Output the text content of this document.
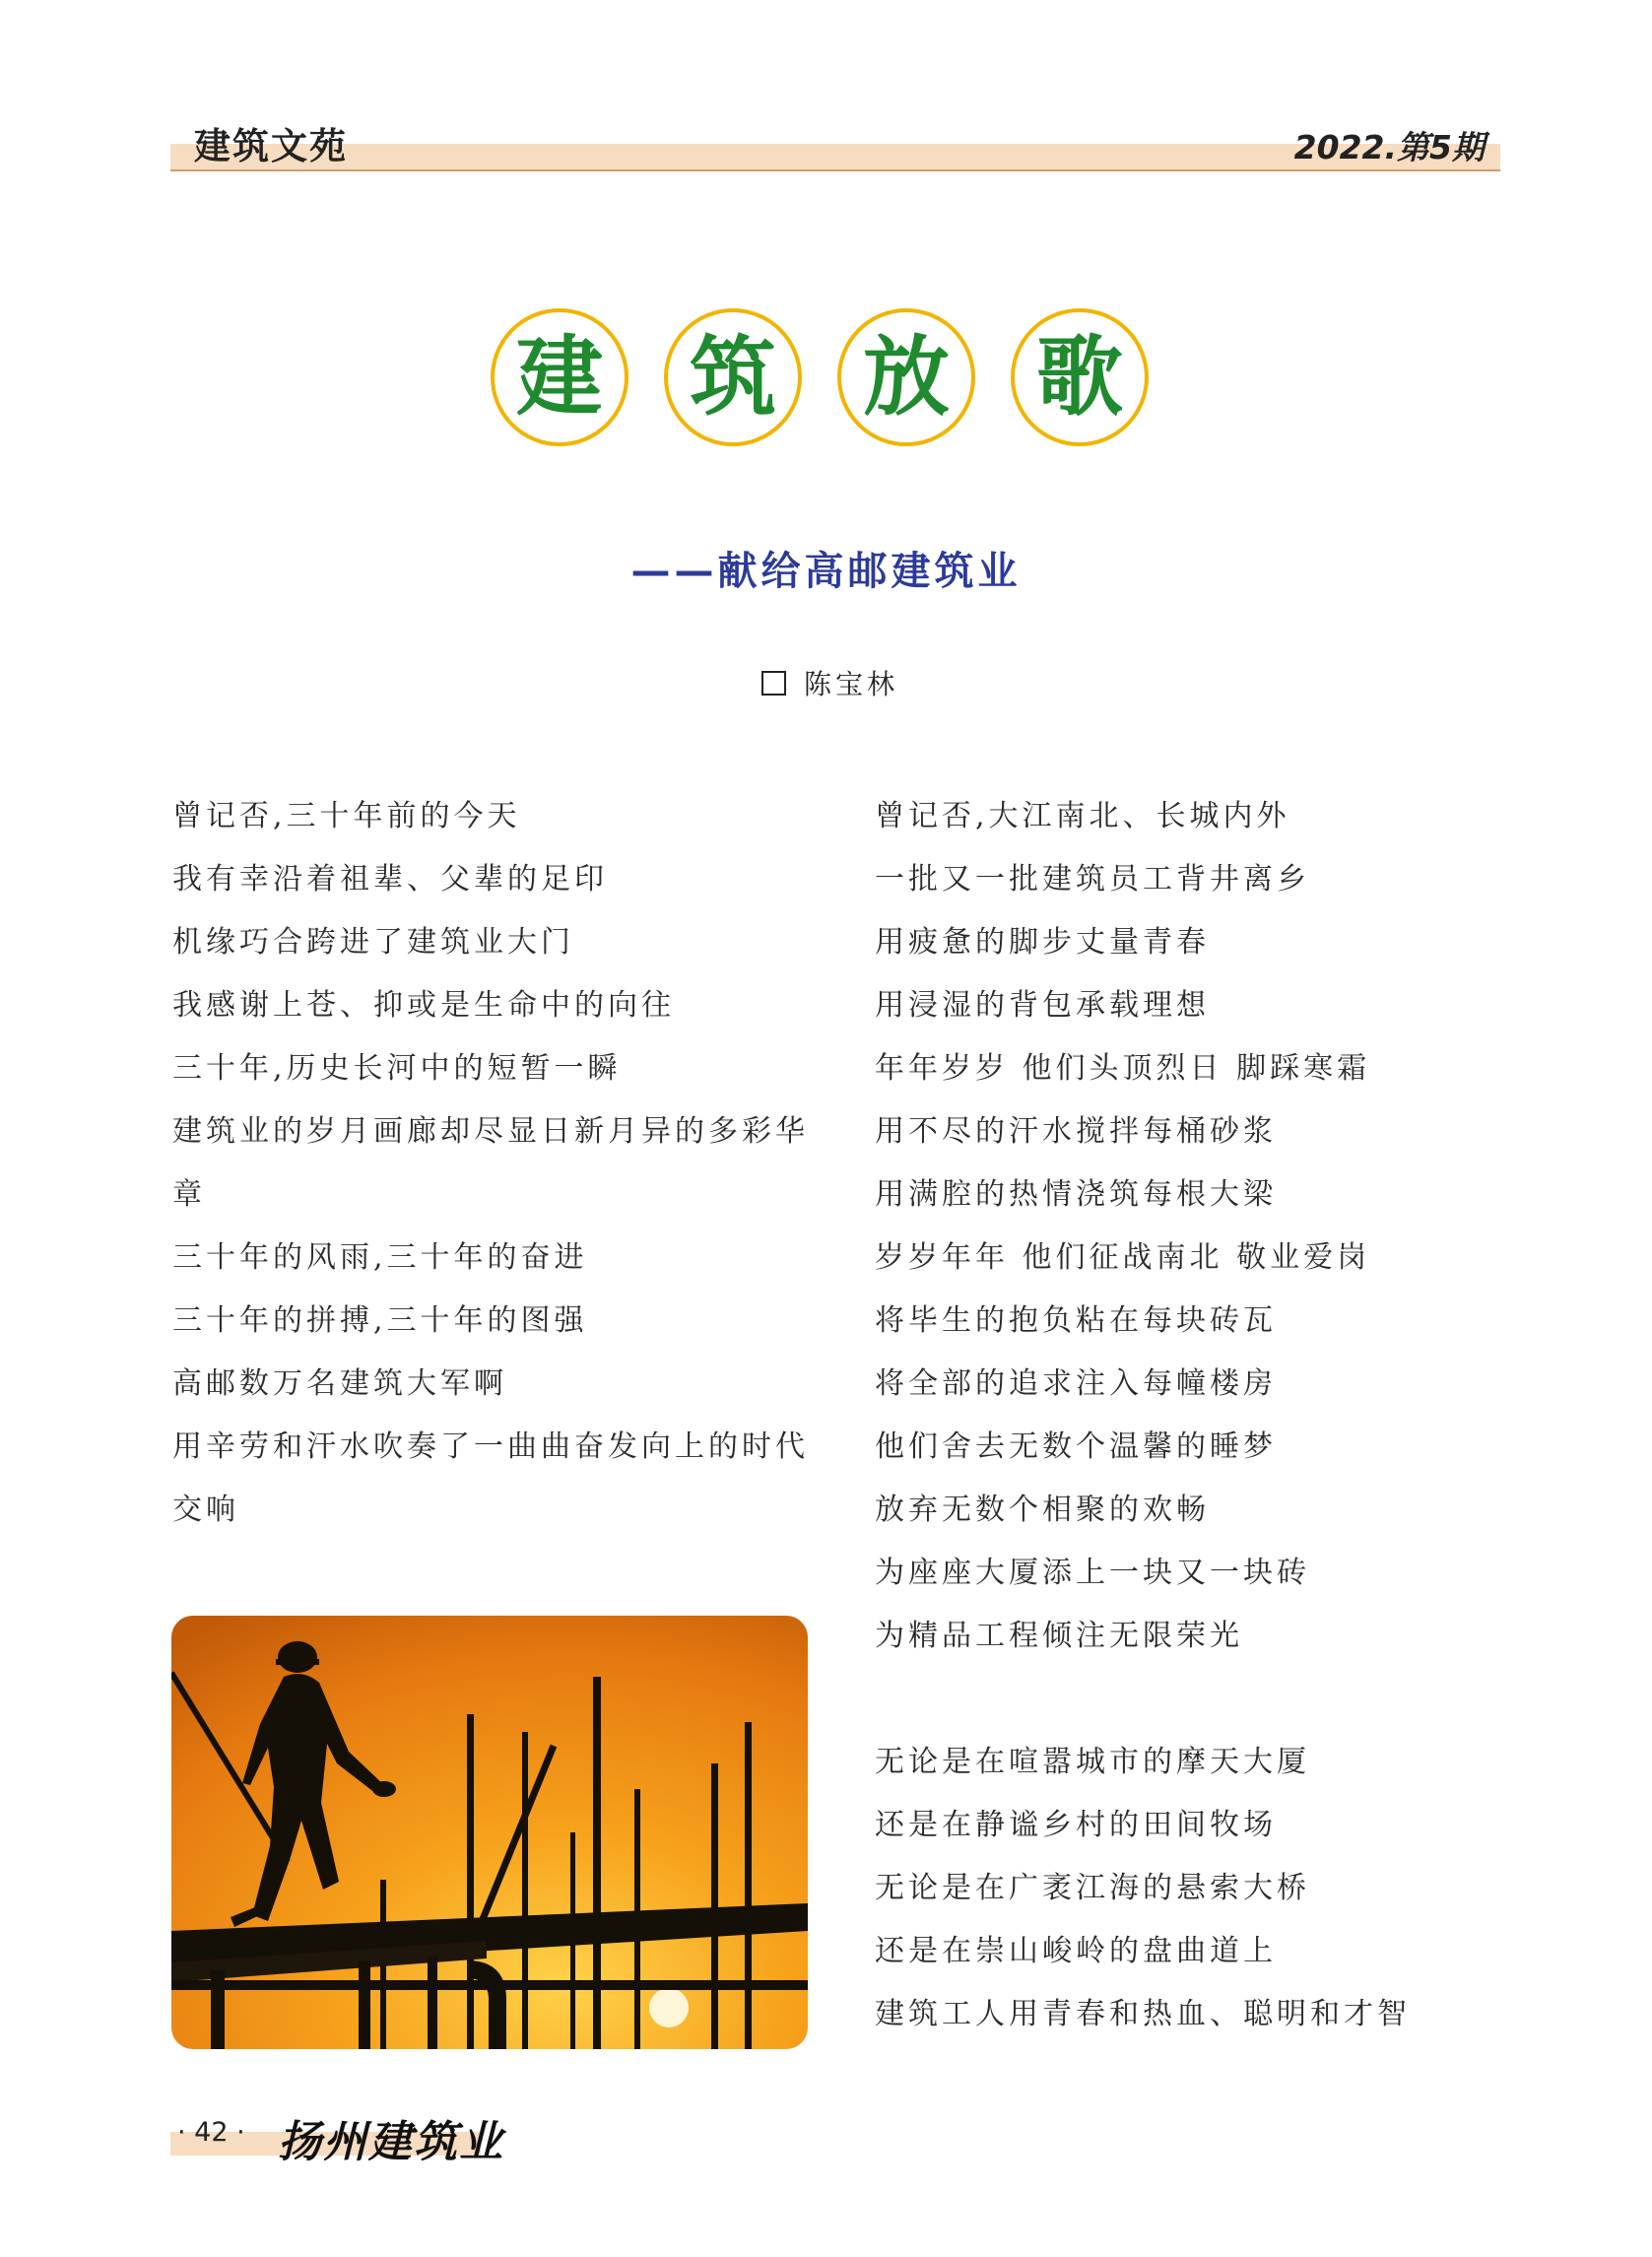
建筑文苑	2022.第5期
建 筑 放 歌
——献给高邮建筑业
陈宝林
曾记否,三十年前的今天
我有幸沿着祖辈、父辈的足印
机缘巧合跨进了建筑业大门
我感谢上苍、抑或是生命中的向往
三十年,历史长河中的短暂一瞬
建筑业的岁月画廊却尽显日新月异的多彩华
章
三十年的风雨,三十年的奋进
三十年的拼搏,三十年的图强
高邮数万名建筑大军啊
用辛劳和汗水吹奏了一曲曲奋发向上的时代
交响
曾记否,大江南北、长城内外
一批又一批建筑员工背井离乡
用疲惫的脚步丈量青春
用浸湿的背包承载理想
年年岁岁 他们头顶烈日 脚踩寒霜
用不尽的汗水搅拌每桶砂浆
用满腔的热情浇筑每根大梁
岁岁年年 他们征战南北 敬业爱岗
将毕生的抱负粘在每块砖瓦
将全部的追求注入每幢楼房
他们舍去无数个温馨的睡梦
放弃无数个相聚的欢畅
为座座大厦添上一块又一块砖
为精品工程倾注无限荣光
无论是在喧嚣城市的摩天大厦
还是在静谧乡村的田间牧场
无论是在广袤江海的悬索大桥
还是在崇山峻岭的盘曲道上
建筑工人用青春和热血、聪明和才智
· 42 · 扬州建筑业
